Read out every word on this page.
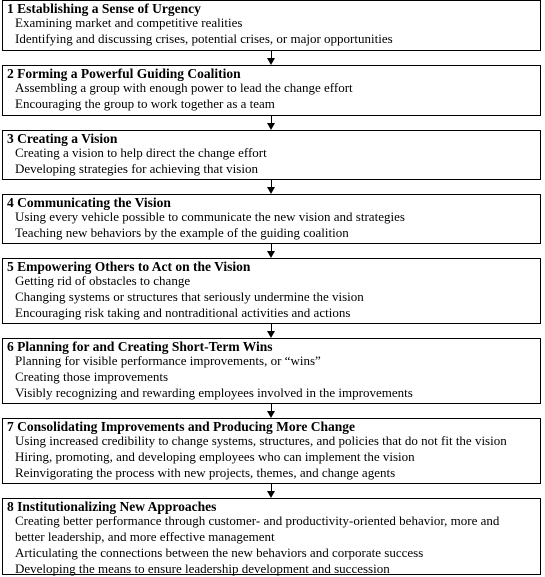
1 Establishing a Sense of Urgency
Examining market and competitive realities
Identifying and discussing crises, potential crises, or major opportunities
2 Forming a Powerful Guiding Coalition
Assembling a group with enough power to lead the change effort
Encouraging the group to work together as a team
3 Creating a Vision
Creating a vision to help direct the change effort
Developing strategies for achieving that vision
4 Communicating the Vision
Using every vehicle possible to communicate the new vision and strategies
Teaching new behaviors by the example of the guiding coalition
5 Empowering Others to Act on the Vision
Getting rid of obstacles to change
Changing systems or structures that seriously undermine the vision
Encouraging risk taking and nontraditional activities and actions
6 Planning for and Creating Short-Term Wins
Planning for visible performance improvements, or “wins”
Creating those improvements
Visibly recognizing and rewarding employees involved in the improvements
7 Consolidating Improvements and Producing More Change
Using increased credibility to change systems, structures, and policies that do not fit the vision
Hiring, promoting, and developing employees who can implement the vision
Reinvigorating the process with new projects, themes, and change agents
8 Institutionalizing New Approaches
Creating better performance through customer- and productivity-oriented behavior, more and
better leadership, and more effective management
Articulating the connections between the new behaviors and corporate success
Developing the means to ensure leadership development and succession
